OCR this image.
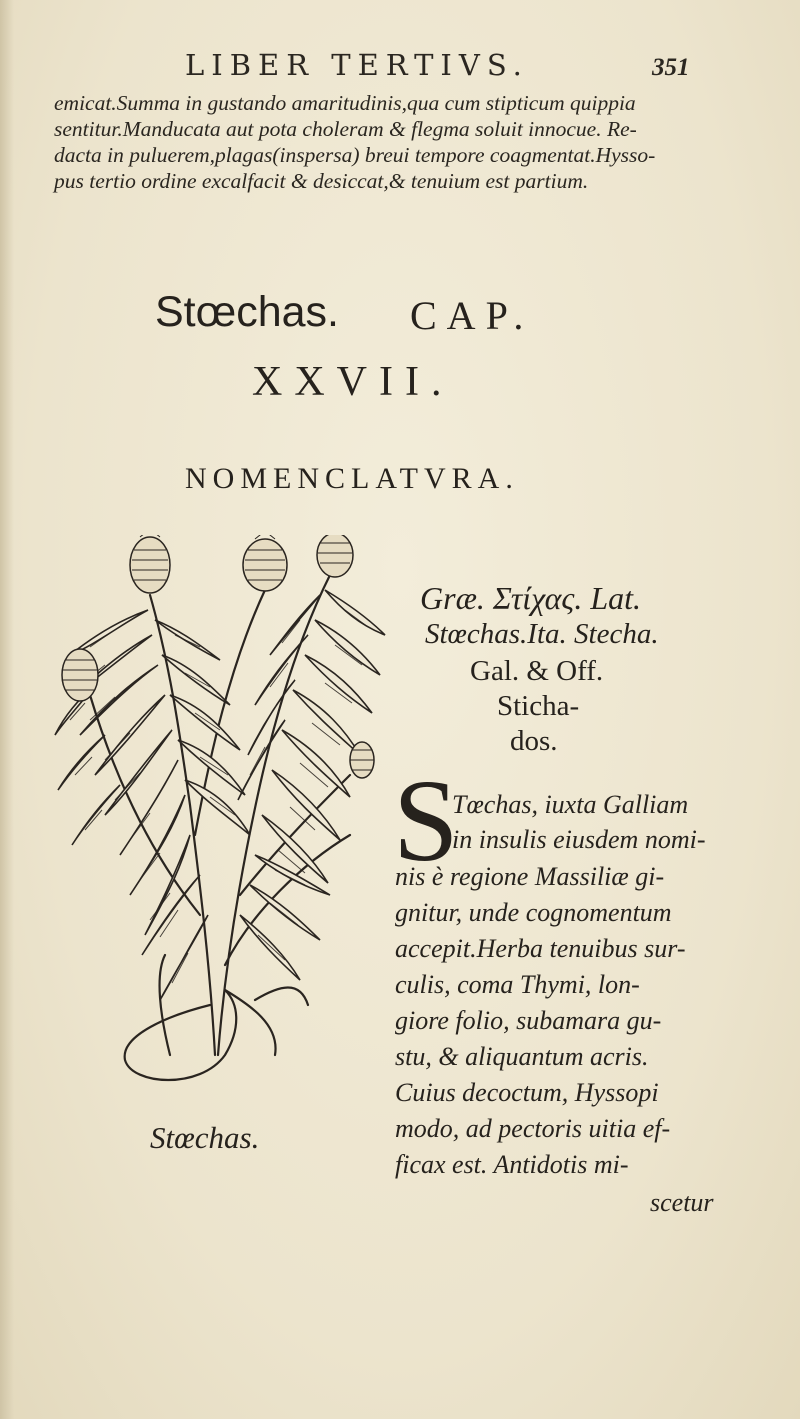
LIBER TERTIVS.	351
emicat.Summa in gustando amaritudinis,qua cum stipticum quippia
sentitur.Manducata aut pota choleram & flegma soluit innocue. Re-
dacta in puluerem,plagas(inspersa) breui tempore coagmentat.Hysso-
pus tertio ordine excalfacit & desiccat,& tenuium est partium.
Stœchas. CAP.
XXVII.
NOMENCLATVRA.
Stœchas.
Græ. Στίχας. Lat.
Stœchas.Ita. Stecha.
Gal. & Off.
Sticha-
dos.
S
Tœchas, iuxta Galliam
in insulis eiusdem nomi-
nis è regione Massiliæ gi-
gnitur, unde cognomentum
accepit.Herba tenuibus sur-
culis, coma Thymi, lon-
giore folio, subamara gu-
stu, & aliquantum acris.
Cuius decoctum, Hyssopi
modo, ad pectoris uitia ef-
ficax est. Antidotis mi-
scetur
